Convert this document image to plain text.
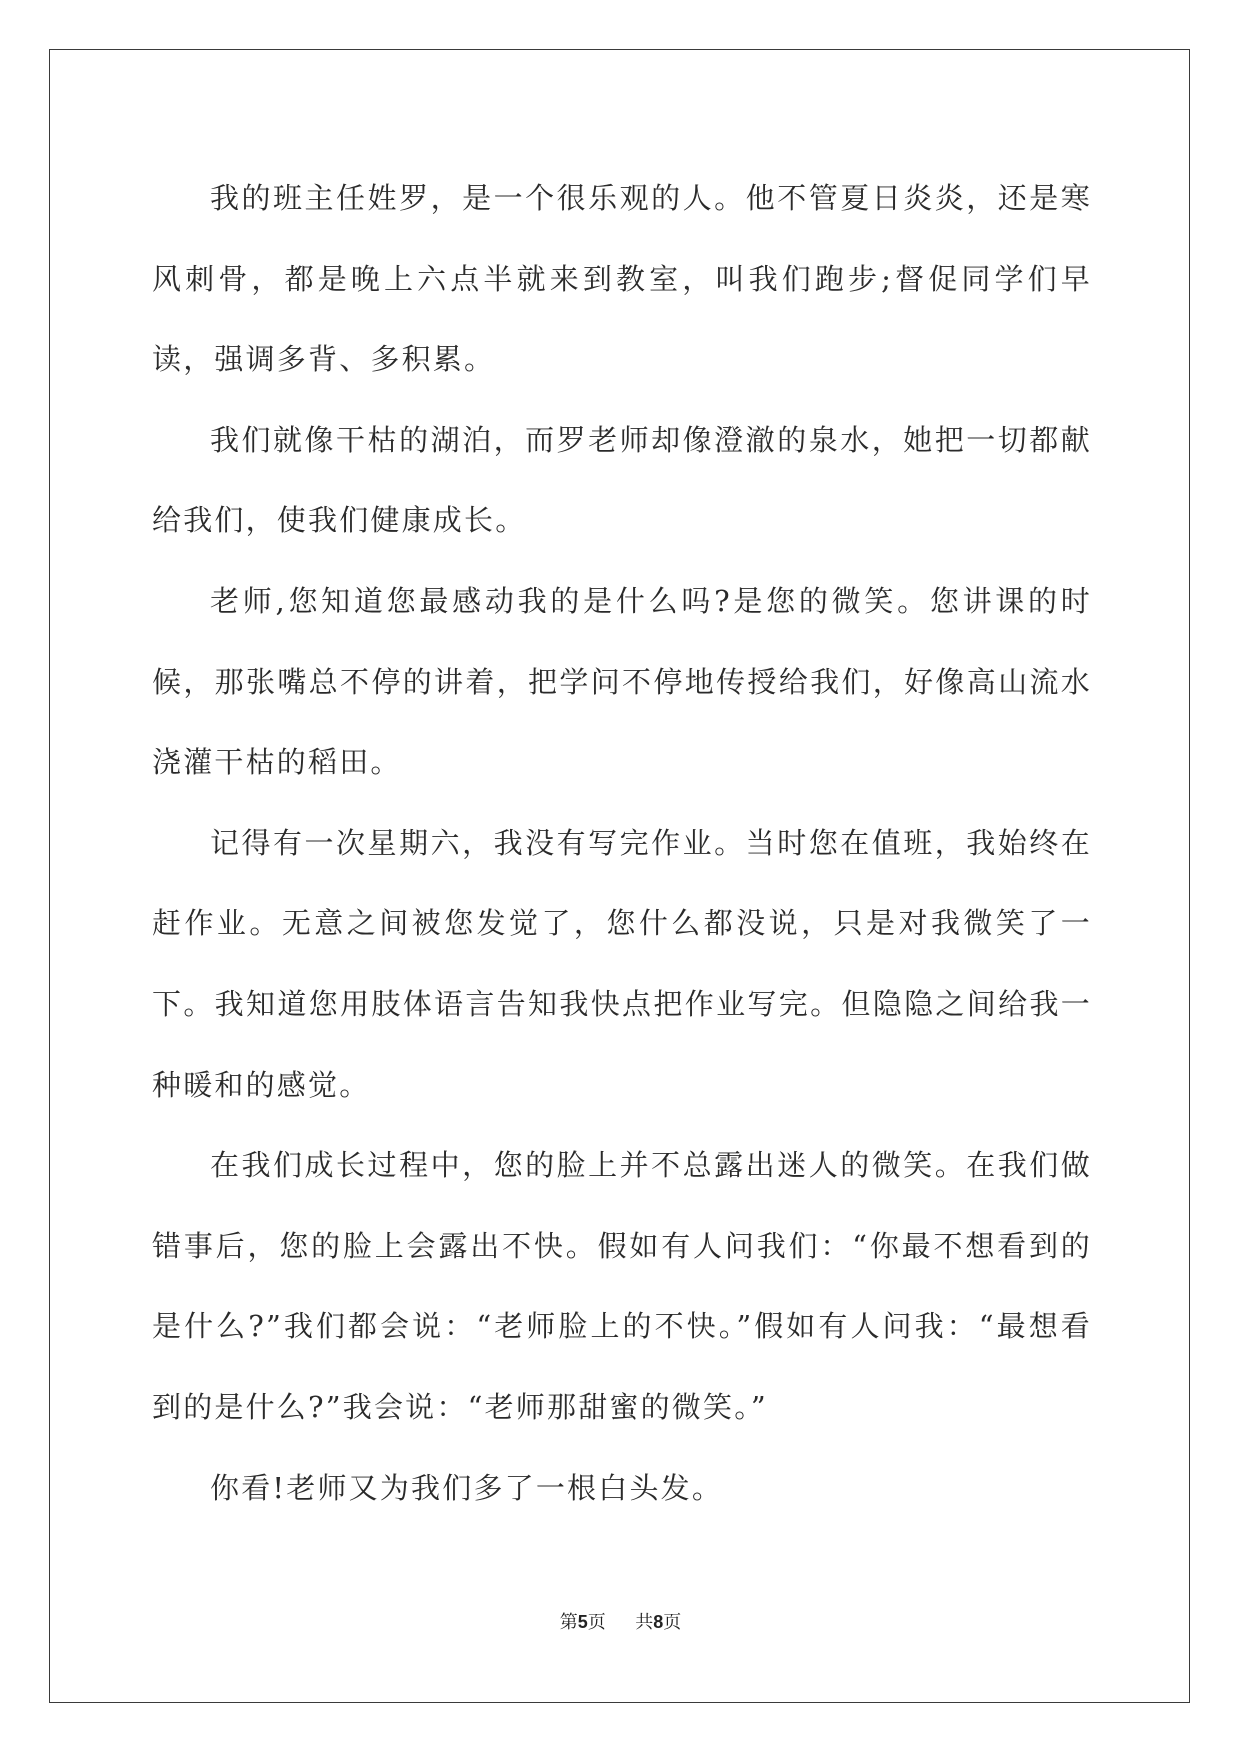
我的班主任姓罗，是一个很乐观的人。他不管夏日炎炎，还是寒风刺骨，都是晚上六点半就来到教室，叫我们跑步;督促同学们早读，强调多背、多积累。

我们就像干枯的湖泊，而罗老师却像澄澈的泉水，她把一切都献给我们，使我们健康成长。

老师,您知道您最感动我的是什么吗?是您的微笑。您讲课的时候，那张嘴总不停的讲着，把学问不停地传授给我们，好像高山流水浇灌干枯的稻田。

记得有一次星期六，我没有写完作业。当时您在值班，我始终在赶作业。无意之间被您发觉了，您什么都没说，只是对我微笑了一下。我知道您用肢体语言告知我快点把作业写完。但隐隐之间给我一种暖和的感觉。

在我们成长过程中，您的脸上并不总露出迷人的微笑。在我们做错事后，您的脸上会露出不快。假如有人问我们：“你最不想看到的是什么?”我们都会说：“老师脸上的不快。”假如有人问我：“最想看到的是什么?”我会说：“老师那甜蜜的微笑。”

你看!老师又为我们多了一根白头发。

第5页 共8页
